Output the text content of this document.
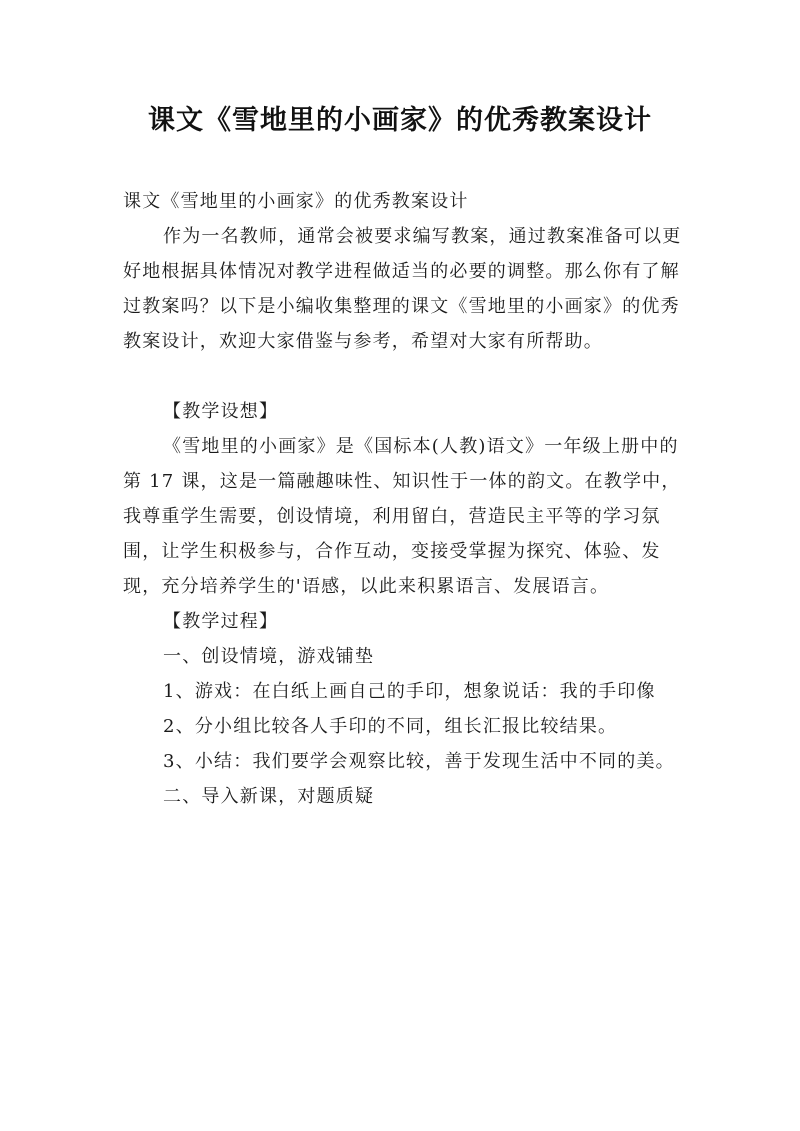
课文《雪地里的小画家》的优秀教案设计

课文《雪地里的小画家》的优秀教案设计

作为一名教师，通常会被要求编写教案，通过教案准备可以更好地根据具体情况对教学进程做适当的必要的调整。那么你有了解过教案吗？以下是小编收集整理的课文《雪地里的小画家》的优秀教案设计，欢迎大家借鉴与参考，希望对大家有所帮助。

【教学设想】

《雪地里的小画家》是《国标本(人教)语文》一年级上册中的第 17 课，这是一篇融趣味性、知识性于一体的韵文。在教学中，我尊重学生需要，创设情境，利用留白，营造民主平等的学习氛围，让学生积极参与，合作互动，变接受掌握为探究、体验、发现，充分培养学生的'语感，以此来积累语言、发展语言。

【教学过程】

一、创设情境，游戏铺垫

1、游戏：在白纸上画自己的手印，想象说话：我的手印像

2、分小组比较各人手印的不同，组长汇报比较结果。

3、小结：我们要学会观察比较，善于发现生活中不同的美。

二、导入新课，对题质疑
